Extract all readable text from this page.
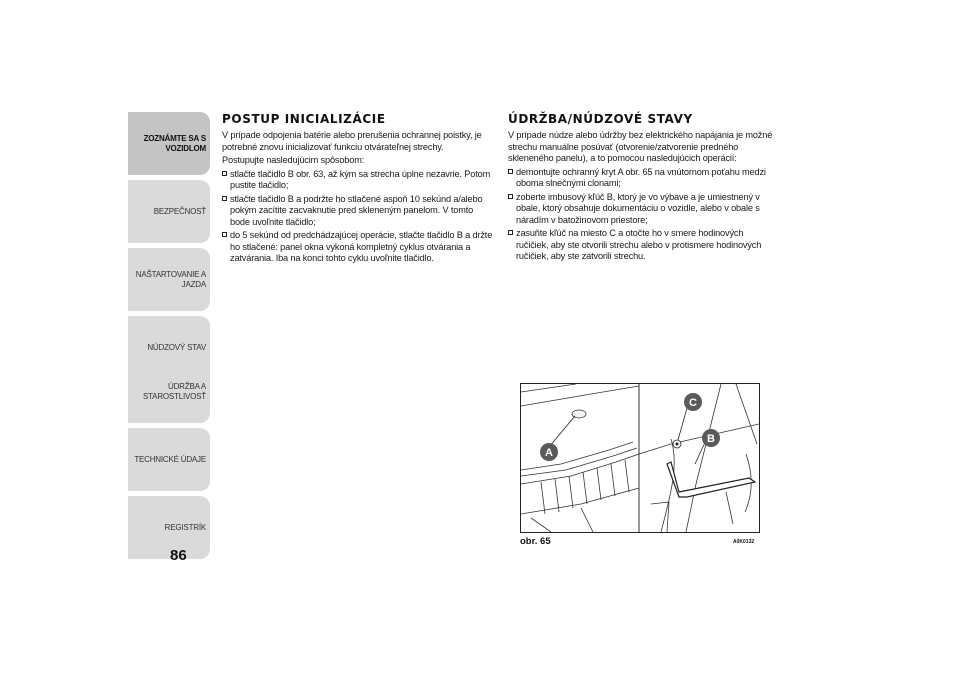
ZOZNÁMTE SA S VOZIDLOM
BEZPEČNOSŤ
NAŠTARTOVANIE A JAZDA
NÚDZOVÝ STAV
ÚDRŽBA A STAROSTLIVOSŤ
TECHNICKÉ ÚDAJE
REGISTRÍK
86
POSTUP INICIALIZÁCIE

V prípade odpojenia batérie alebo prerušenia ochrannej poistky, je potrebné znovu inicializovať funkciu otvárateľnej strechy.

Postupujte nasledujúcim spôsobom:

stlačte tlačidlo B obr. 63, až kým sa strecha úplne nezavrie. Potom pustite tlačidlo;
stlačte tlačidlo B a podržte ho stlačené aspoň 10 sekúnd a/alebo pokým zacítite zacvaknutie pred skleneným panelom. V tomto bode uvoľnite tlačidlo;
do 5 sekúnd od predchádzajúcej operácie, stlačte tlačidlo B a držte ho stlačené: panel okna vykoná kompletný cyklus otvárania a zatvárania. Iba na konci tohto cyklu uvoľnite tlačidlo.
ÚDRŽBA/NÚDZOVÉ STAVY

V prípade núdze alebo údržby bez elektrického napájania je možné strechu manuálne posúvať (otvorenie/zatvorenie predného skleneného panelu), a to pomocou nasledujúcich operácií:

demontujte ochranný kryt A obr. 65 na vnútornom poťahu medzi oboma slnečnými clonami;
zoberte imbusový kľúč B, ktorý je vo výbave a je umiestnený v obale, ktorý obsahuje dokumentáciu o vozidle, alebo v obale s náradím v batožinovom priestore;
zasuňte kľúč na miesto C a otočte ho v smere hodinových ručičiek, aby ste otvorili strechu alebo v protismere hodinových ručičiek, aby ste zatvorili strechu.
A
C
B
obr. 65	A0K0132
